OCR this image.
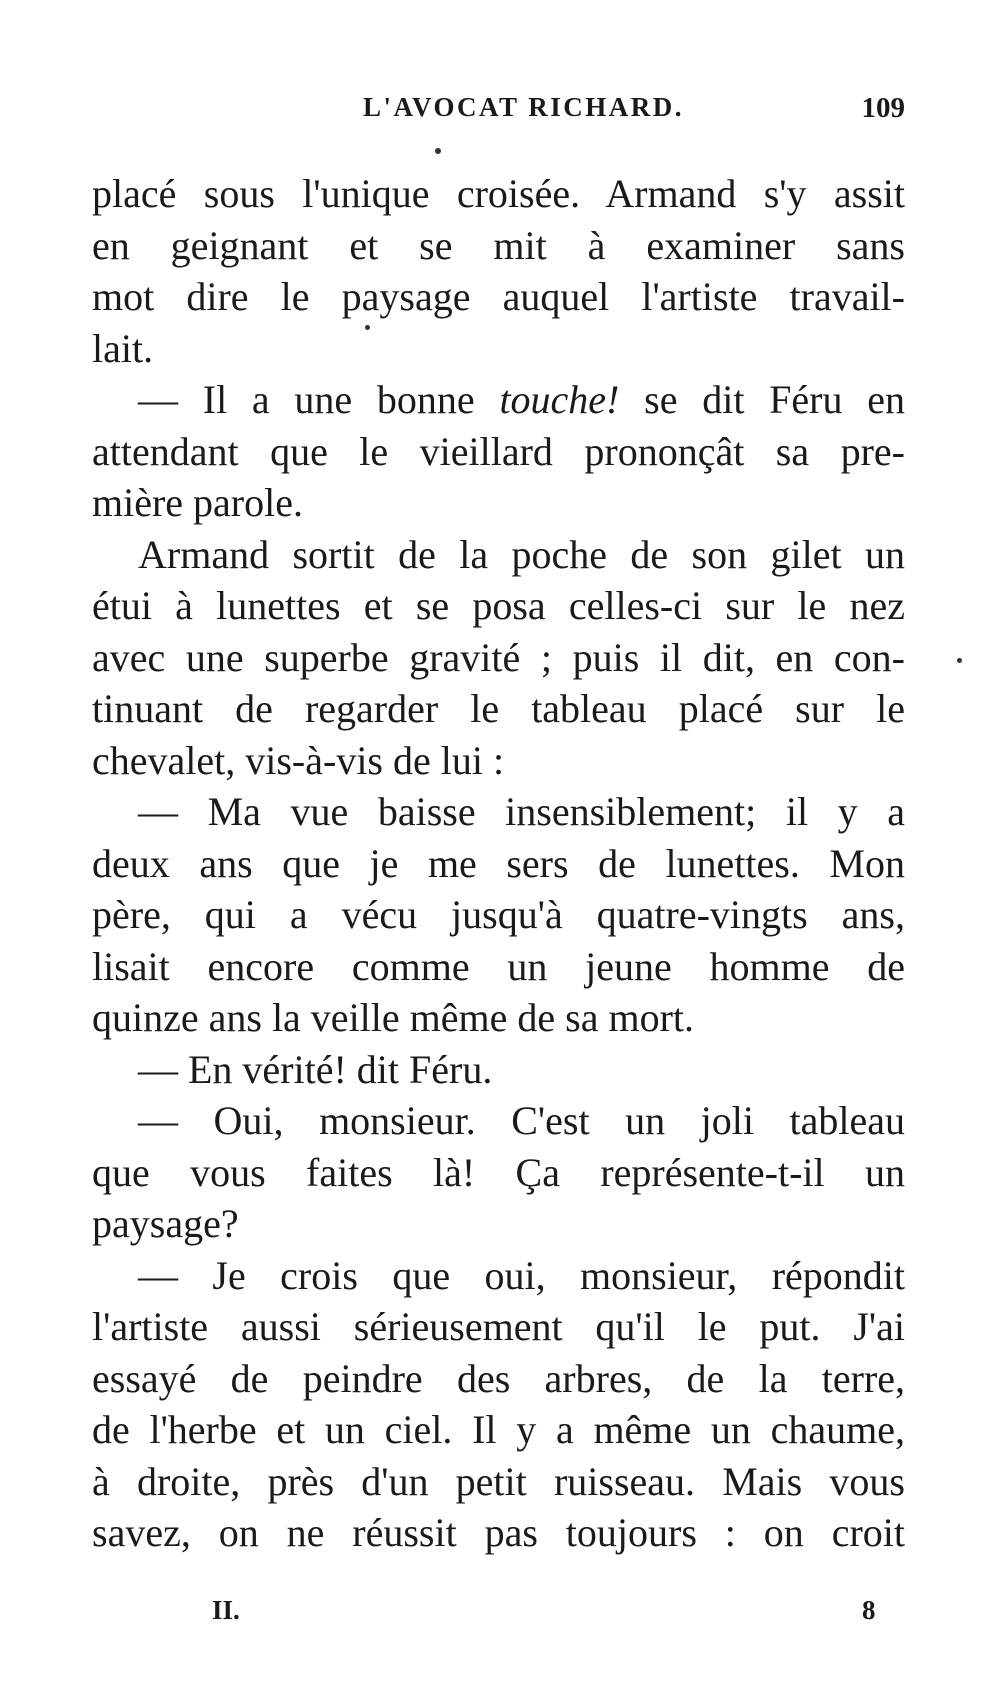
L'AVOCAT RICHARD.	109
placé sous l'unique croisée. Armand s'y assit
en geignant et se mit à examiner sans
mot dire le paysage auquel l'artiste travail-
lait.
— Il a une bonne touche! se dit Féru en
attendant que le vieillard prononçât sa pre-
mière parole.
Armand sortit de la poche de son gilet un
étui à lunettes et se posa celles-ci sur le nez
avec une superbe gravité ; puis il dit, en con-
tinuant de regarder le tableau placé sur le
chevalet, vis-à-vis de lui :
— Ma vue baisse insensiblement; il y a
deux ans que je me sers de lunettes. Mon
père, qui a vécu jusqu'à quatre-vingts ans,
lisait encore comme un jeune homme de
quinze ans la veille même de sa mort.
— En vérité! dit Féru.
— Oui, monsieur. C'est un joli tableau
que vous faites là! Ça représente-t-il un
paysage?
— Je crois que oui, monsieur, répondit
l'artiste aussi sérieusement qu'il le put. J'ai
essayé de peindre des arbres, de la terre,
de l'herbe et un ciel. Il y a même un chaume,
à droite, près d'un petit ruisseau. Mais vous
savez, on ne réussit pas toujours : on croit
II.	8
